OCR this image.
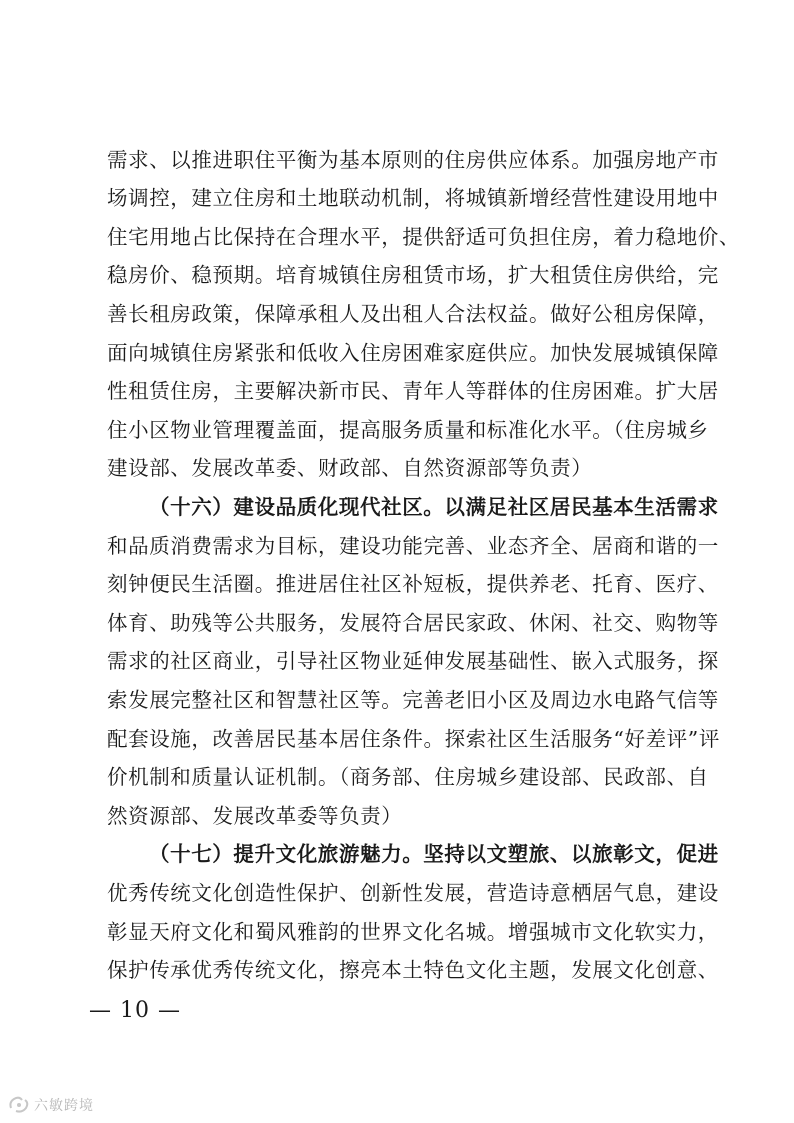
需求、以推进职住平衡为基本原则的住房供应体系。加强房地产市
场调控，建立住房和土地联动机制，将城镇新增经营性建设用地中
住宅用地占比保持在合理水平，提供舒适可负担住房，着力稳地价、
稳房价、稳预期。培育城镇住房租赁市场，扩大租赁住房供给，完
善长租房政策，保障承租人及出租人合法权益。做好公租房保障，
面向城镇住房紧张和低收入住房困难家庭供应。加快发展城镇保障
性租赁住房，主要解决新市民、青年人等群体的住房困难。扩大居
住小区物业管理覆盖面，提高服务质量和标准化水平。（住房城乡
建设部、发展改革委、财政部、自然资源部等负责）
（十六）建设品质化现代社区。以满足社区居民基本生活需求
和品质消费需求为目标，建设功能完善、业态齐全、居商和谐的一
刻钟便民生活圈。推进居住社区补短板，提供养老、托育、医疗、
体育、助残等公共服务，发展符合居民家政、休闲、社交、购物等
需求的社区商业，引导社区物业延伸发展基础性、嵌入式服务，探
索发展完整社区和智慧社区等。完善老旧小区及周边水电路气信等
配套设施，改善居民基本居住条件。探索社区生活服务“好差评”评
价机制和质量认证机制。（商务部、住房城乡建设部、民政部、自
然资源部、发展改革委等负责）
（十七）提升文化旅游魅力。坚持以文塑旅、以旅彰文，促进
优秀传统文化创造性保护、创新性发展，营造诗意栖居气息，建设
彰显天府文化和蜀风雅韵的世界文化名城。增强城市文化软实力，
保护传承优秀传统文化，擦亮本土特色文化主题，发展文化创意、
— 10 —
六敏跨境
